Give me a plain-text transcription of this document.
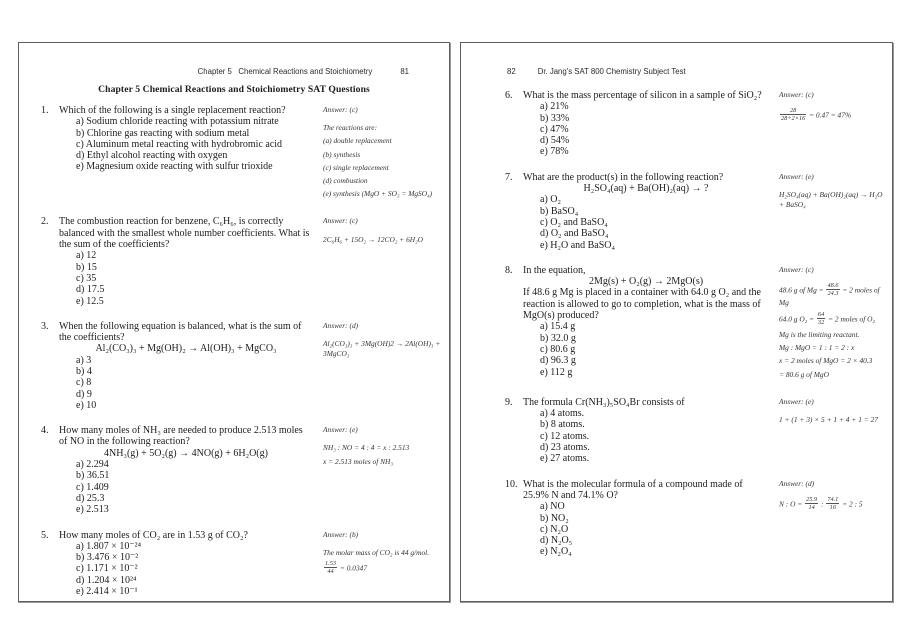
Chapter 5   Chemical Reactions and Stoichiometry	81
Chapter 5 Chemical Reactions and Stoichiometry SAT Questions
1.	Which of the following is a single replacement reaction?
a) Sodium chloride reacting with potassium nitrate
b) Chlorine gas reacting with sodium metal
c) Aluminum metal reacting with hydrobromic acid
d) Ethyl alcohol reacting with oxygen
e) Magnesium oxide reacting with sulfur trioxide
Answer: (c)
The reactions are:
(a) double replacement
(b) synthesis
(c) single replacement
(d) combustion
(e) synthesis (MgO + SO₃ = MgSO₄)
2.	The combustion reaction for benzene, C₆H₆, is correctly balanced with the smallest whole number coefficients. What is the sum of the coefficients?
a) 12
b) 15
c) 35
d) 17.5
e) 12.5
Answer: (c)
2C₆H₆ + 15O₂ → 12CO₂ + 6H₂O
3.	When the following equation is balanced, what is the sum of the coefficients?
Al₂(CO₃)₃ + Mg(OH)₂ → Al(OH)₃ + MgCO₃
a) 3
b) 4
c) 8
d) 9
e) 10
Answer: (d)
Al₂(CO₃)₃ + 3Mg(OH)2 → 2Al(OH)₃ + 3MgCO₃
4.	How many moles of NH₃ are needed to produce 2.513 moles of NO in the following reaction?
4NH₃(g) + 5O₂(g) → 4NO(g) + 6H₂O(g)
a) 2.294
b) 36.51
c) 1.409
d) 25.3
e) 2.513
Answer: (e)
NH₃ : NO = 4 : 4 = x : 2.513
x = 2.513 moles of NH₃
5.	How many moles of CO₂ are in 1.53 g of CO₂?
a) 1.807 × 10⁻²⁴
b) 3.476 × 10⁻²
c) 1.171 × 10⁻²
d) 1.204 × 10²⁴
e) 2.414 × 10⁻¹
Answer: (b)
The molar mass of CO₂ is 44 g/mol.
$\frac{1.53}{44} = 0.0347$
82	Dr. Jang's SAT 800 Chemistry Subject Test
6.	What is the mass percentage of silicon in a sample of SiO₂?
a) 21%
b) 33%
c) 47%
d) 54%
e) 78%
Answer: (c)
$\frac{28}{28+2\times 16} = 0.47 = 47\%$
7.	What are the product(s) in the following reaction?
H₂SO₄(aq) + Ba(OH)₂(aq) → ?
a) O₂
b) BaSO₄
c) O₂ and BaSO₄
d) O₂ and BaSO₄
e) H₂O and BaSO₄
Answer: (e)
H₂SO₄(aq) + Ba(OH)₂(aq) → H₂O + BaSO₄
8.	In the equation,
2Mg(s) + O₂(g) → 2MgO(s)
If 48.6 g Mg is placed in a container with 64.0 g O₂ and the reaction is allowed to go to completion, what is the mass of MgO(s) produced?
a) 15.4 g
b) 32.0 g
c) 80.6 g
d) 96.3 g
e) 112 g
Answer: (c)
48.6 g of $Mg = \frac{48.6}{24.3} = 2$ moles of Mg
64.0 g $O_2 = \frac{64}{32} = 2$ moles of O₂
Mg is the limiting reactant.
Mg : MgO = 1 : 1 = 2 : x
x = 2 moles of MgO = 2 × 40.3
= 80.6 g of MgO
9.	The formula Cr(NH₃)₅SO₄Br consists of
a) 4 atoms.
b) 8 atoms.
c) 12 atoms.
d) 23 atoms.
e) 27 atoms.
Answer: (e)
1 + (1 + 3) × 5 + 1 + 4 + 1 = 27
10. What is the molecular formula of a compound made of 25.9% N and 74.1% O?
a) NO
b) NO₂
c) N₂O
d) N₂O₅
e) N₂O₄
Answer: (d)
N : $O = \frac{25.9}{14}$ : $\frac{74.1}{16} = 2$ : 5
